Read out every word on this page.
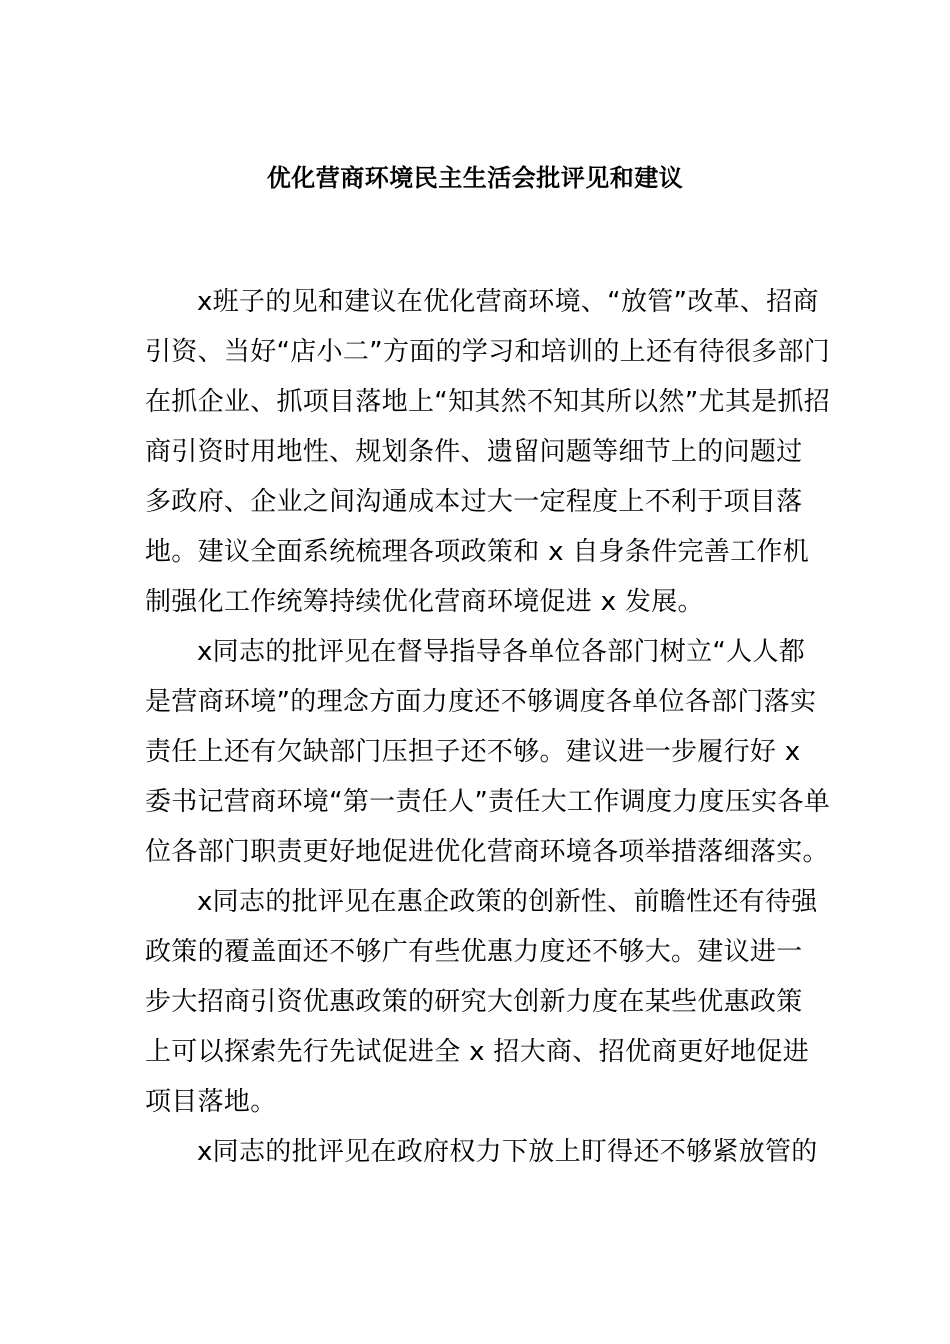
优化营商环境民主生活会批评见和建议
x班子的见和建议在优化营商环境、“放管”改革、招商
引资、当好“店小二”方面的学习和培训的上还有待很多部门
在抓企业、抓项目落地上“知其然不知其所以然”尤其是抓招
商引资时用地性、规划条件、遗留问题等细节上的问题过
多政府、企业之间沟通成本过大一定程度上不利于项目落
地。建议全面系统梳理各项政策和 x 自身条件完善工作机
制强化工作统筹持续优化营商环境促进 x 发展。
x同志的批评见在督导指导各单位各部门树立“人人都
是营商环境”的理念方面力度还不够调度各单位各部门落实
责任上还有欠缺部门压担子还不够。建议进一步履行好 x
委书记营商环境“第一责任人”责任大工作调度力度压实各单
位各部门职责更好地促进优化营商环境各项举措落细落实。
x同志的批评见在惠企政策的创新性、前瞻性还有待强
政策的覆盖面还不够广有些优惠力度还不够大。建议进一
步大招商引资优惠政策的研究大创新力度在某些优惠政策
上可以探索先行先试促进全 x 招大商、招优商更好地促进
项目落地。
x同志的批评见在政府权力下放上盯得还不够紧放管的
